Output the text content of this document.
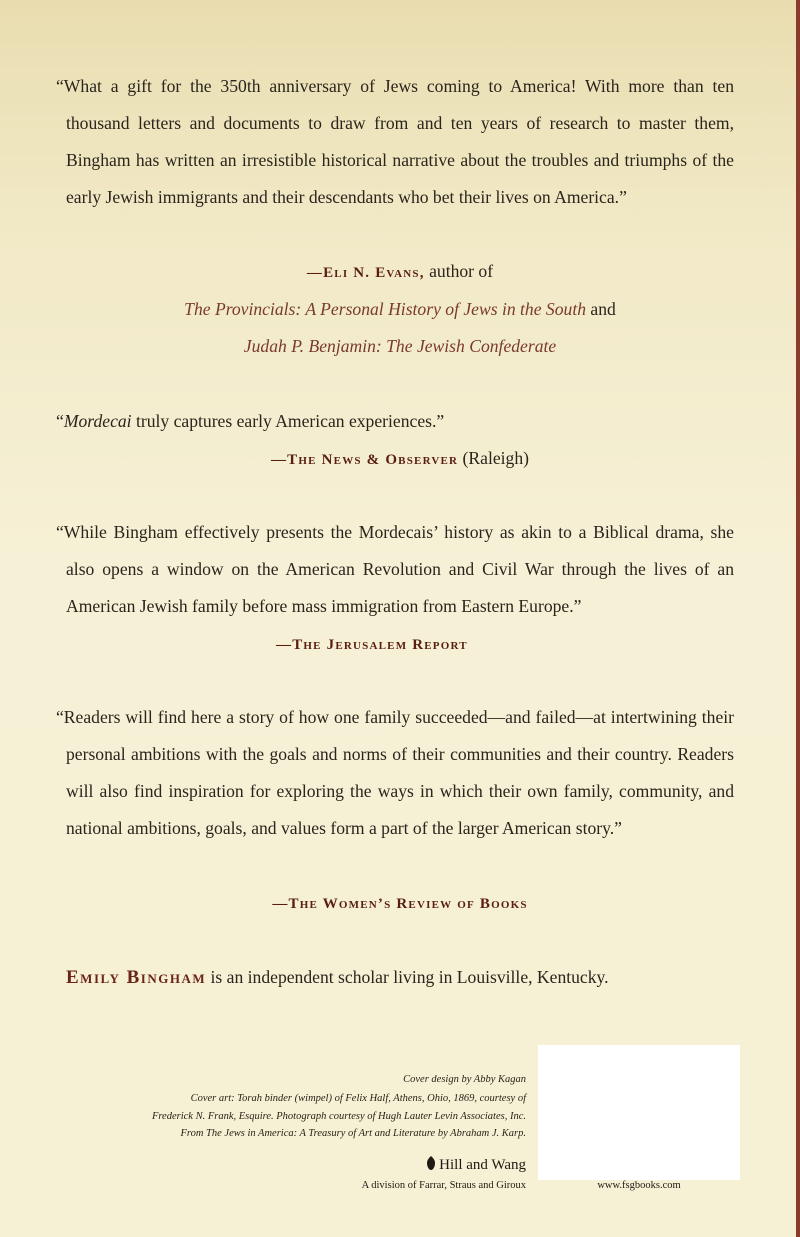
“What a gift for the 350th anniversary of Jews coming to America! With more than ten thousand letters and documents to draw from and ten years of research to master them, Bingham has written an irresistible historical narrative about the troubles and triumphs of the early Jewish immigrants and their descendants who bet their lives on America.”
—Eli N. Evans, author of
The Provincials: A Personal History of Jews in the South and
Judah P. Benjamin: The Jewish Confederate
“Mordecai truly captures early American experiences.”
—The News & Observer (Raleigh)
“While Bingham effectively presents the Mordecais’ history as akin to a Biblical drama, she also opens a window on the American Revolution and Civil War through the lives of an American Jewish family before mass immigration from Eastern Europe.”
—The Jerusalem Report
“Readers will find here a story of how one family succeeded—and failed—at intertwining their personal ambitions with the goals and norms of their communities and their country. Readers will also find inspiration for exploring the ways in which their own family, community, and national ambitions, goals, and values form a part of the larger American story.”
—The Women’s Review of Books
Emily Bingham is an independent scholar living in Louisville, Kentucky.
Cover design by Abby Kagan
Cover art: Torah binder (wimpel) of Felix Half, Athens, Ohio, 1869, courtesy of
Frederick N. Frank, Esquire. Photograph courtesy of Hugh Lauter Levin Associates, Inc.
From The Jews in America: A Treasury of Art and Literature by Abraham J. Karp.
Hill and Wang
A division of Farrar, Straus and Giroux	www.fsgbooks.com
